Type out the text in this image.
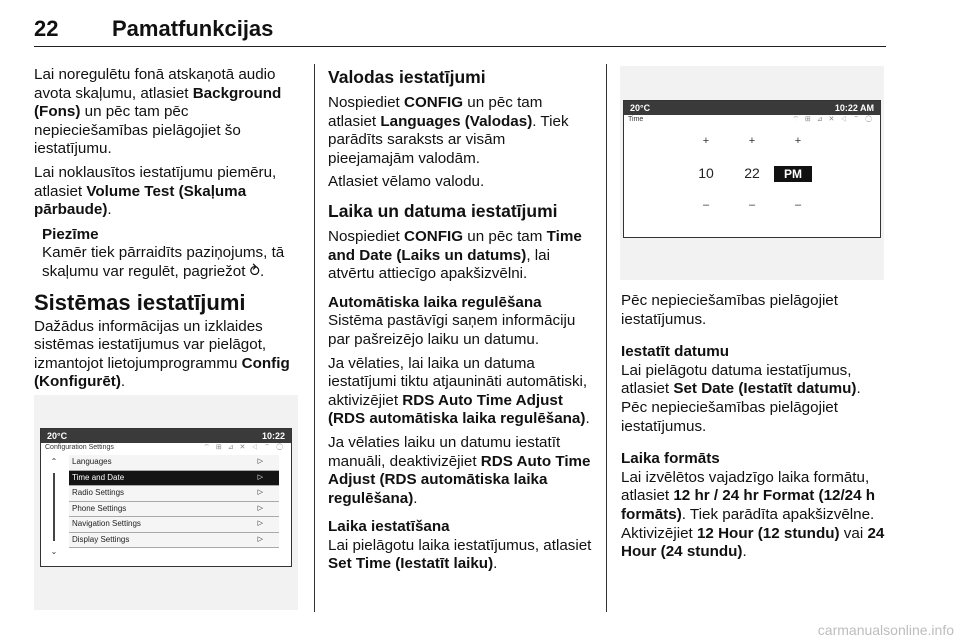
22 Pamatfunkcijas

Lai noregulētu fonā atskaņotā audio avota skaļumu, atlasiet Background (Fons) un pēc tam pēc nepieciešamības pielāgojiet šo iestatījumu.

Lai noklausītos iestatījumu piemēru, atlasiet Volume Test (Skaļuma pārbaude).

Piezīme
Kamēr tiek pārraidīts paziņojums, tā skaļumu var regulēt, pagriežot ⥁.
Sistēmas iestatījumi

Dažādus informācijas un izklaides sistēmas iestatījumus var pielāgot, izmantojot lietojumprogrammu Config (Konfigurēt).

20°C	10:22
Configuration Settings	⌔ ⊞ ⊿ ✕ ◁ ⌒ ◯
⌃
⌄
Languages	▷
Time and Date	▷
Radio Settings	▷
Phone Settings	▷
Navigation Settings	▷
Display Settings	▷
Valodas iestatījumi

Nospiediet CONFIG un pēc tam atlasiet Languages (Valodas). Tiek parādīts saraksts ar visām pieejamajām valodām.

Atlasiet vēlamo valodu.

Laika un datuma iestatījumi

Nospiediet CONFIG un pēc tam Time and Date (Laiks un datums), lai atvērtu attiecīgo apakšizvēlni.

Automātiska laika regulēšana

Sistēma pastāvīgi saņem informāciju par pašreizējo laiku un datumu.

Ja vēlaties, lai laika un datuma iestatījumi tiktu atjaunināti automātiski, aktivizējiet RDS Auto Time Adjust (RDS automātiska laika regulēšana).

Ja vēlaties laiku un datumu iestatīt manuāli, deaktivizējiet RDS Auto Time Adjust (RDS automātiska laika regulēšana).

Laika iestatīšana

Lai pielāgotu laika iestatījumus, atlasiet Set Time (Iestatīt laiku).

20°C	10:22 AM
Time	⌔ ⊞ ⊿ ✕ ◁ ⌒ ◯
+	+	+
10	22	PM
–	–	–

Pēc nepieciešamības pielāgojiet iestatījumus.

Iestatīt datumu

Lai pielāgotu datuma iestatījumus, atlasiet Set Date (Iestatīt datumu).

Pēc nepieciešamības pielāgojiet iestatījumus.

Laika formāts

Lai izvēlētos vajadzīgo laika formātu, atlasiet 12 hr / 24 hr Format (12/24 h formāts). Tiek parādīta apakšizvēlne. Aktivizējiet 12 Hour (12 stundu) vai 24 Hour (24 stundu).

carmanualsonline.info
